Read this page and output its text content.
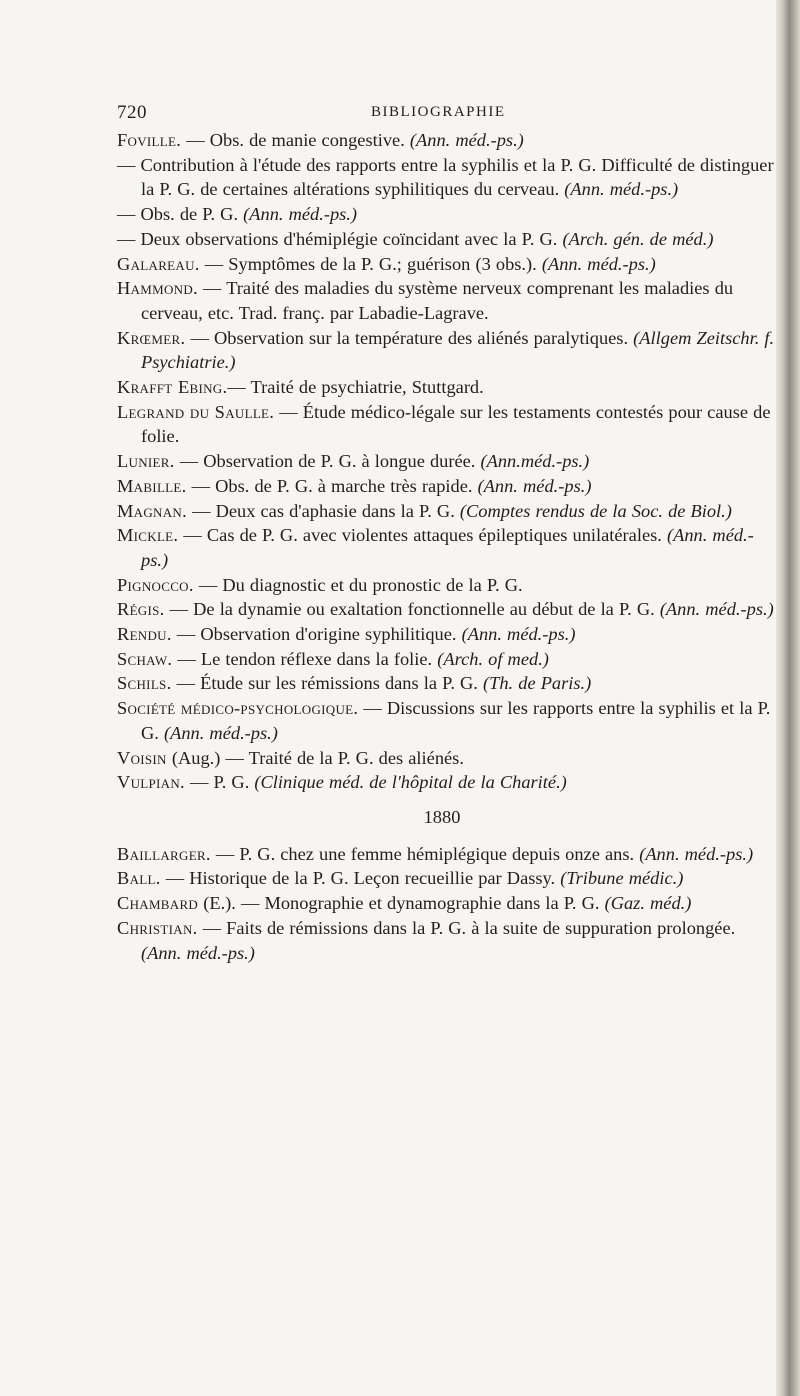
720	BIBLIOGRAPHIE
Foville. — Obs. de manie congestive. (Ann. méd.-ps.)
— Contribution à l'étude des rapports entre la syphilis et la P. G. Difficulté de distinguer la P. G. de certaines altérations syphilitiques du cerveau. (Ann. méd.-ps.)
— Obs. de P. G. (Ann. méd.-ps.)
— Deux observations d'hémiplégie coïncidant avec la P. G. (Arch. gén. de méd.)
Galareau. — Symptômes de la P. G.; guérison (3 obs.). (Ann. méd.-ps.)
Hammond. — Traité des maladies du système nerveux comprenant les maladies du cerveau, etc. Trad. franç. par Labadie-Lagrave.
Krœmer. — Observation sur la température des aliénés paralytiques. (Allgem Zeitschr. f. Psychiatrie.)
Krafft Ebing.— Traité de psychiatrie, Stuttgard.
Legrand du Saulle. — Étude médico-légale sur les testaments contestés pour cause de folie.
Lunier. — Observation de P. G. à longue durée. (Ann.méd.-ps.)
Mabille. — Obs. de P. G. à marche très rapide. (Ann. méd.-ps.)
Magnan. — Deux cas d'aphasie dans la P. G. (Comptes rendus de la Soc. de Biol.)
Mickle. — Cas de P. G. avec violentes attaques épileptiques unilatérales. (Ann. méd.-ps.)
Pignocco. — Du diagnostic et du pronostic de la P. G.
Régis. — De la dynamie ou exaltation fonctionnelle au début de la P. G. (Ann. méd.-ps.)
Rendu. — Observation d'origine syphilitique. (Ann. méd.-ps.)
Schaw. — Le tendon réflexe dans la folie. (Arch. of med.)
Schils. — Étude sur les rémissions dans la P. G. (Th. de Paris.)
Société médico-psychologique. — Discussions sur les rapports entre la syphilis et la P. G. (Ann. méd.-ps.)
Voisin (Aug.) — Traité de la P. G. des aliénés.
Vulpian. — P. G. (Clinique méd. de l'hôpital de la Charité.)
1880
Baillarger. — P. G. chez une femme hémiplégique depuis onze ans. (Ann. méd.-ps.)
Ball. — Historique de la P. G. Leçon recueillie par Dassy. (Tribune médic.)
Chambard (E.). — Monographie et dynamographie dans la P. G. (Gaz. méd.)
Christian. — Faits de rémissions dans la P. G. à la suite de suppuration prolongée. (Ann. méd.-ps.)
